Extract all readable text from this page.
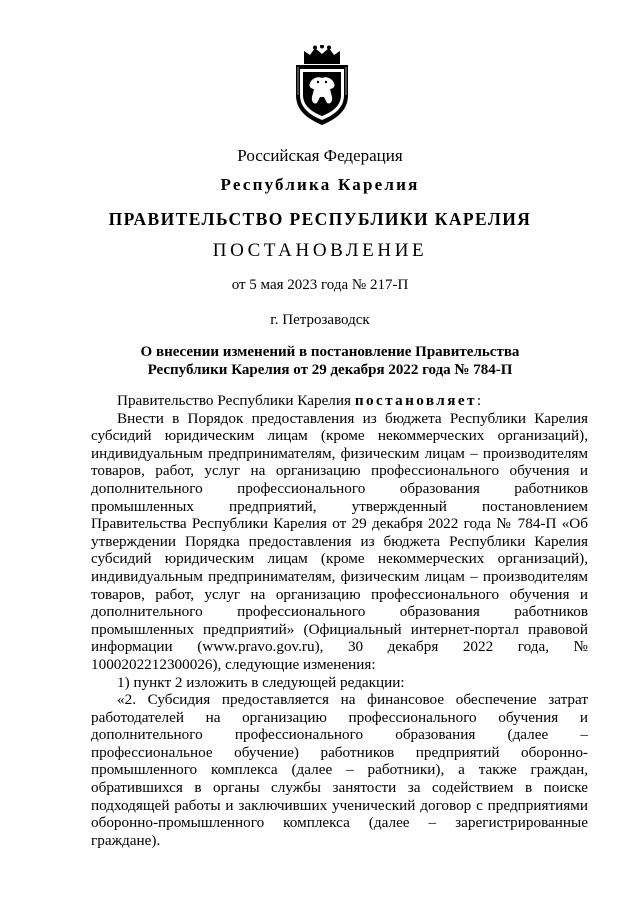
Российская Федерация
Республика Карелия
ПРАВИТЕЛЬСТВО РЕСПУБЛИКИ КАРЕЛИЯ
ПОСТАНОВЛЕНИЕ
от 5 мая 2023 года № 217-П
г. Петрозаводск
О внесении изменений в постановление Правительства
Республики Карелия от 29 декабря 2022 года № 784-П

Правительство Республики Карелия постановляет:

Внести в Порядок предоставления из бюджета Республики Карелия субсидий юридическим лицам (кроме некоммерческих организаций), индивидуальным предпринимателям, физическим лицам – производителям товаров, работ, услуг на организацию профессионального обучения и дополнительного профессионального образования работников промышленных предприятий, утвержденный постановлением Правительства Республики Карелия от 29 декабря 2022 года № 784-П «Об утверждении Порядка предоставления из бюджета Республики Карелия субсидий юридическим лицам (кроме некоммерческих организаций), индивидуальным предпринимателям, физическим лицам – производителям товаров, работ, услуг на организацию профессионального обучения и дополнительного профессионального образования работников промышленных предприятий» (Официальный интернет-портал правовой информации (www.pravo.gov.ru), 30 декабря 2022 года, № 1000202212300026), следующие изменения:

1) пункт 2 изложить в следующей редакции:

«2. Субсидия предоставляется на финансовое обеспечение затрат работодателей на организацию профессионального обучения и дополнительного профессионального образования (далее – профессиональное обучение) работников предприятий оборонно-промышленного комплекса (далее – работники), а также граждан, обратившихся в органы службы занятости за содействием в поиске подходящей работы и заключивших ученический договор с предприятиями оборонно-промышленного комплекса (далее – зарегистрированные граждане).
